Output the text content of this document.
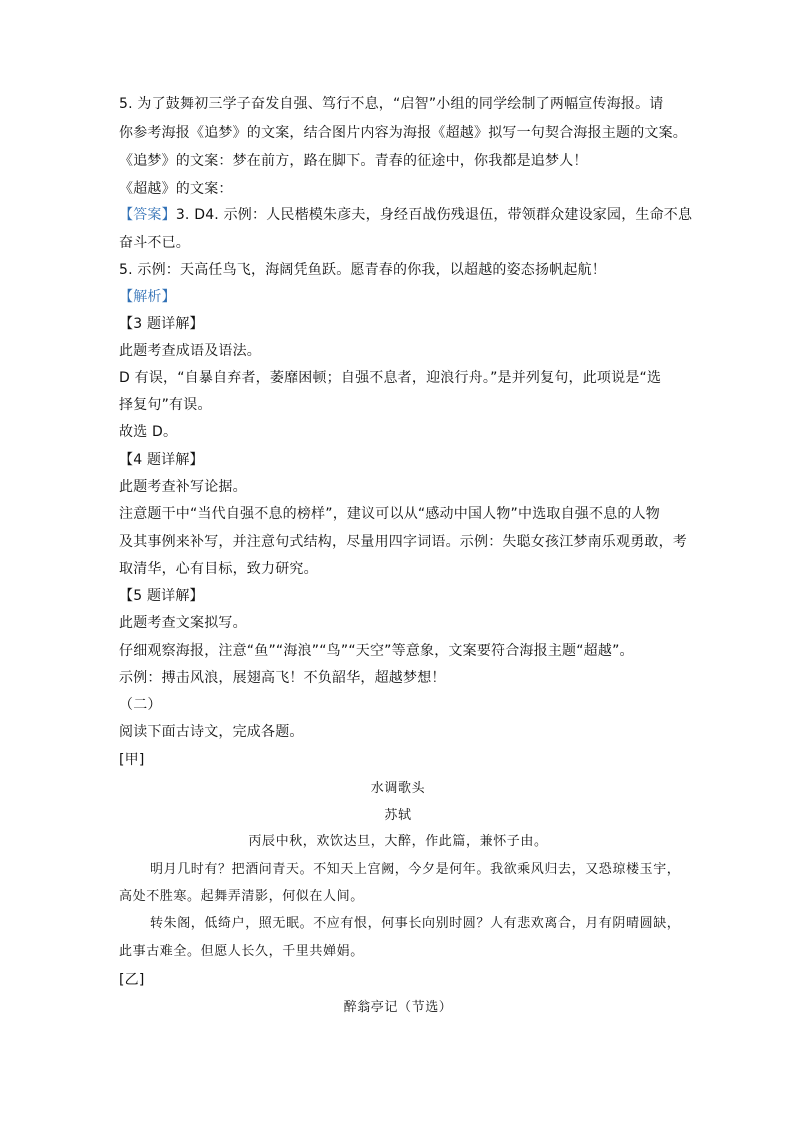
5. 为了鼓舞初三学子奋发自强、笃行不息，“启智”小组的同学绘制了两幅宣传海报。请
你参考海报《追梦》的文案，结合图片内容为海报《超越》拟写一句契合海报主题的文案。
《追梦》的文案：梦在前方，路在脚下。青春的征途中，你我都是追梦人！
《超越》的文案：
【答案】3. D4. 示例：人民楷模朱彦夫，身经百战伤残退伍，带领群众建设家园，生命不息
奋斗不已。
5. 示例：天高任鸟飞，海阔凭鱼跃。愿青春的你我，以超越的姿态扬帆起航！
【解析】
【3 题详解】
此题考查成语及语法。
D 有误，“自暴自弃者，萎靡困顿；自强不息者，迎浪行舟。”是并列复句，此项说是“选
择复句”有误。
故选 D。
【4 题详解】
此题考查补写论据。
注意题干中“当代自强不息的榜样”，建议可以从“感动中国人物”中选取自强不息的人物
及其事例来补写，并注意句式结构，尽量用四字词语。示例：失聪女孩江梦南乐观勇敢，考
取清华，心有目标，致力研究。
【5 题详解】
此题考查文案拟写。
仔细观察海报，注意“鱼”“海浪”“鸟”“天空”等意象，文案要符合海报主题“超越”。
示例：搏击风浪，展翅高飞！不负韶华，超越梦想！
（二）
阅读下面古诗文，完成各题。
[甲]
水调歌头
苏轼
丙辰中秋，欢饮达旦，大醉，作此篇，兼怀子由。
明月几时有？把酒问青天。不知天上宫阙，今夕是何年。我欲乘风归去，又恐琼楼玉宇，
高处不胜寒。起舞弄清影，何似在人间。
转朱阁，低绮户，照无眠。不应有恨，何事长向别时圆？人有悲欢离合，月有阴晴圆缺，
此事古难全。但愿人长久，千里共婵娟。
[乙]
醉翁亭记（节选）
